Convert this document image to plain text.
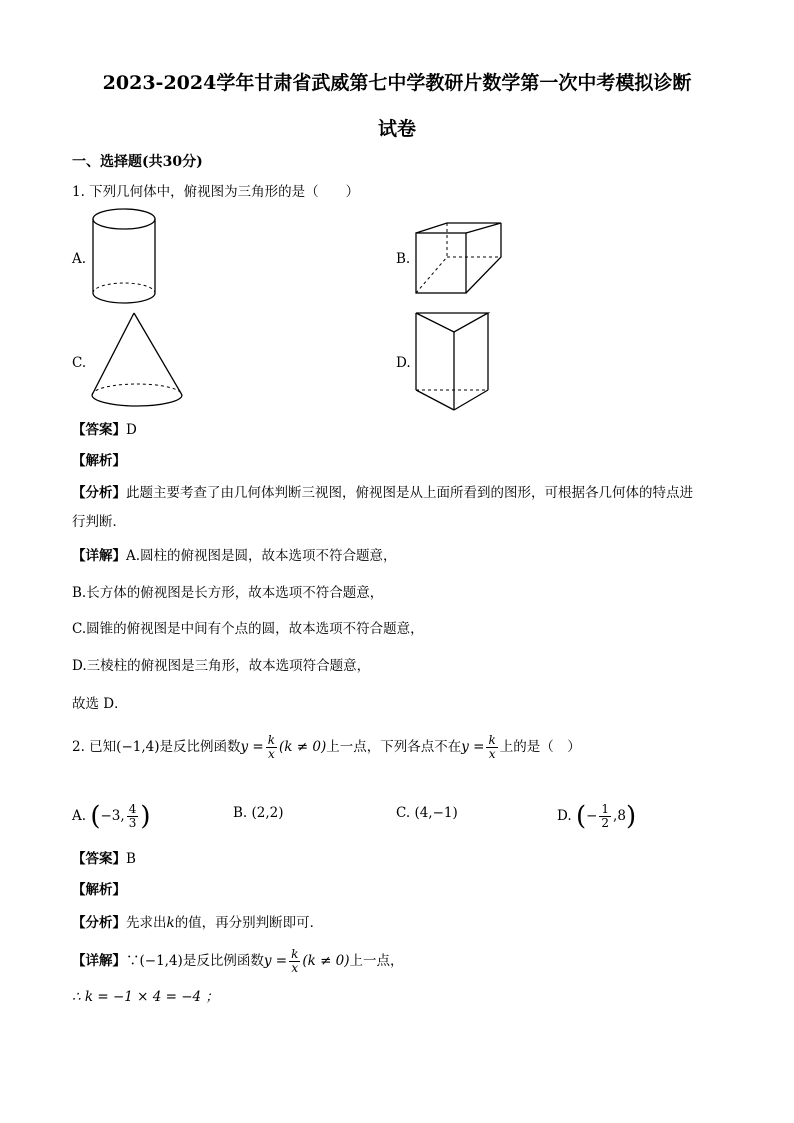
2023-2024学年甘肃省武威第七中学教研片数学第一次中考模拟诊断
试卷
一、选择题(共30分)
1. 下列几何体中，俯视图为三角形的是（　　）
A.	B.
C.	D.
【答案】D
【解析】
【分析】此题主要考查了由几何体判断三视图，俯视图是从上面所看到的图形，可根据各几何体的特点进
行判断．
【详解】A.圆柱的俯视图是圆，故本选项不符合题意，
B.长方体的俯视图是长方形，故本选项不符合题意，
C.圆锥的俯视图是中间有个点的圆，故本选项不符合题意，
D.三棱柱的俯视图是三角形，故本选项符合题意，
故选 D．
2. 已知(−1,4)是反比例函数$y = \frac{k}{x} (k \ne 0)$上一点，下列各点不在$y = \frac{k}{x}$ 上的是（　）
A. (−3, $\frac{4}{3}$ )	B. (2,2)	C. (4,−1)	D. (− $\frac{1}{2} ,8$)
【答案】B
【解析】
【分析】先求出k的值，再分别判断即可．
【详解】∵(−1,4)是反比例函数$y = \frac{k}{x} (k \ne 0)$上一点，
∴ k = −1 × 4 = −4 ；
